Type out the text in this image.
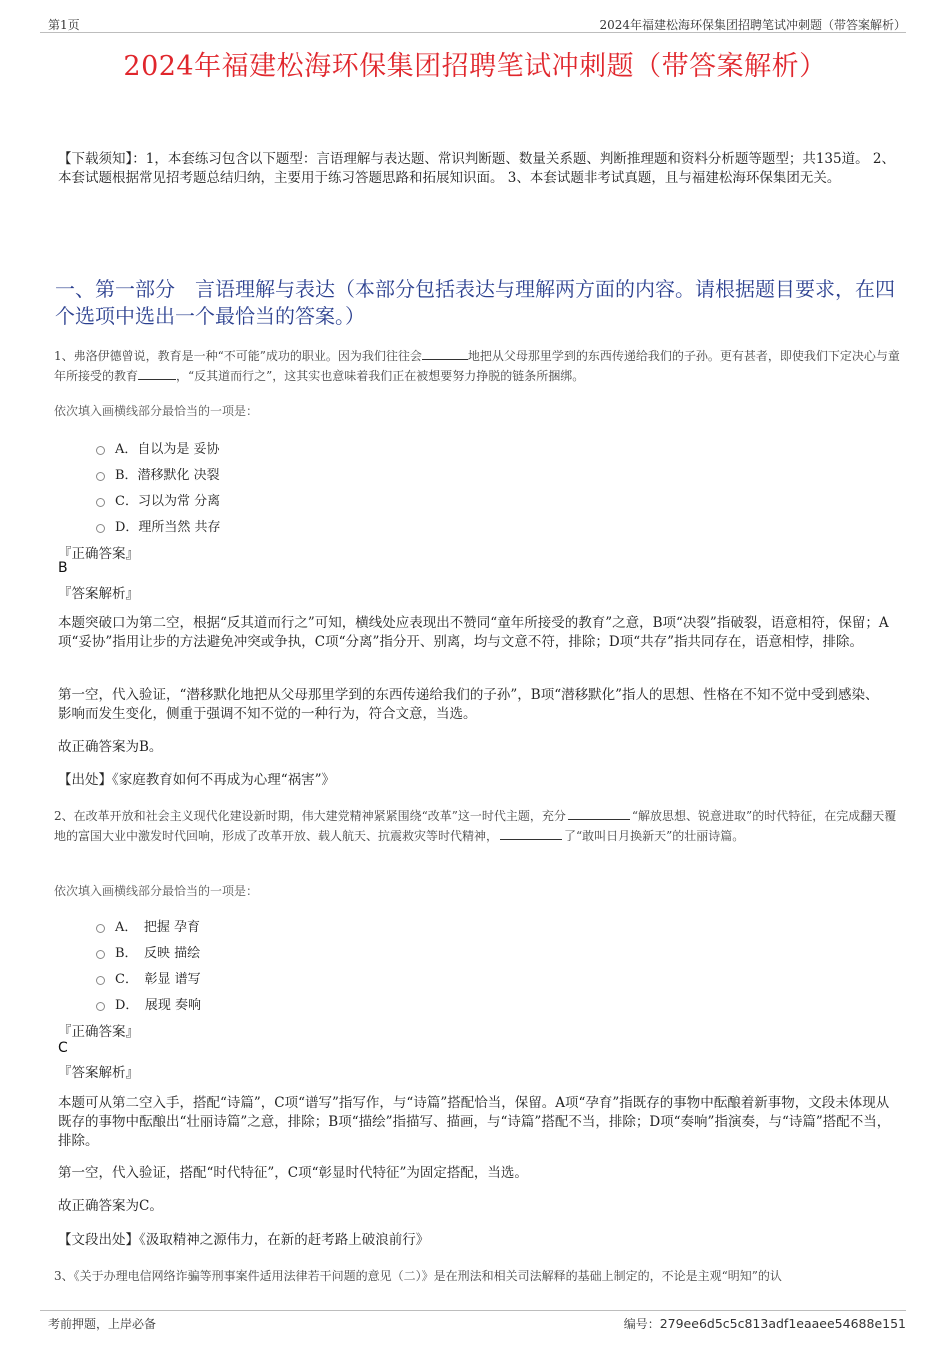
第1页	2024年福建松海环保集团招聘笔试冲刺题（带答案解析）
2024年福建松海环保集团招聘笔试冲刺题（带答案解析）
【下载须知】：1，本套练习包含以下题型：言语理解与表达题、常识判断题、数量关系题、判断推理题和资料分析题等题型；共135道。 2、本套试题根据常见招考题总结归纳，主要用于练习答题思路和拓展知识面。 3、本套试题非考试真题，且与福建松海环保集团无关。
一、第一部分　言语理解与表达（本部分包括表达与理解两方面的内容。请根据题目要求，在四个选项中选出一个最恰当的答案。）
1、弗洛伊德曾说，教育是一种“不可能”成功的职业。因为我们往往会	地把从父母那里学到的东西传递给我们的子孙。更有甚者，即使我们下定决心与童年所接受的教育	，“反其道而行之”，这其实也意味着我们正在被想要努力挣脱的链条所捆绑。
依次填入画横线部分最恰当的一项是：
A．自以为是 妥协
B．潜移默化 决裂
C．习以为常 分离
D．理所当然 共存
『正确答案』
B
『答案解析』
本题突破口为第二空，根据“反其道而行之”可知，横线处应表现出不赞同“童年所接受的教育”之意，B项“决裂”指破裂，语意相符，保留；A项“妥协”指用让步的方法避免冲突或争执，C项“分离”指分开、别离，均与文意不符，排除；D项“共存”指共同存在，语意相悖，排除。
第一空，代入验证，“潜移默化地把从父母那里学到的东西传递给我们的子孙”，B项“潜移默化”指人的思想、性格在不知不觉中受到感染、影响而发生变化，侧重于强调不知不觉的一种行为，符合文意，当选。
故正确答案为B。
【出处】《家庭教育如何不再成为心理“祸害”》
2、在改革开放和社会主义现代化建设新时期，伟大建党精神紧紧围绕“改革”这一时代主题，充分	“解放思想、锐意进取”的时代特征，在完成翻天覆地的富国大业中激发时代回响，形成了改革开放、载人航天、抗震救灾等时代精神，	了“敢叫日月换新天”的壮丽诗篇。
依次填入画横线部分最恰当的一项是：
A．　把握 孕育
B．　反映 描绘
C．　彰显 谱写
D．　展现 奏响
『正确答案』
C
『答案解析』
本题可从第二空入手，搭配“诗篇”，C项“谱写”指写作，与“诗篇”搭配恰当，保留。A项“孕育”指既存的事物中酝酿着新事物，文段未体现从既存的事物中酝酿出“壮丽诗篇”之意，排除；B项“描绘”指描写、描画，与“诗篇”搭配不当，排除；D项“奏响”指演奏，与“诗篇”搭配不当，排除。
第一空，代入验证，搭配“时代特征”，C项“彰显时代特征”为固定搭配，当选。
故正确答案为C。
【文段出处】《汲取精神之源伟力，在新的赶考路上破浪前行》
3、《关于办理电信网络诈骗等刑事案件适用法律若干问题的意见（二）》是在刑法和相关司法解释的基础上制定的，不论是主观“明知”的认
考前押题，上岸必备	编号：279ee6d5c5c813adf1eaaee54688e151
